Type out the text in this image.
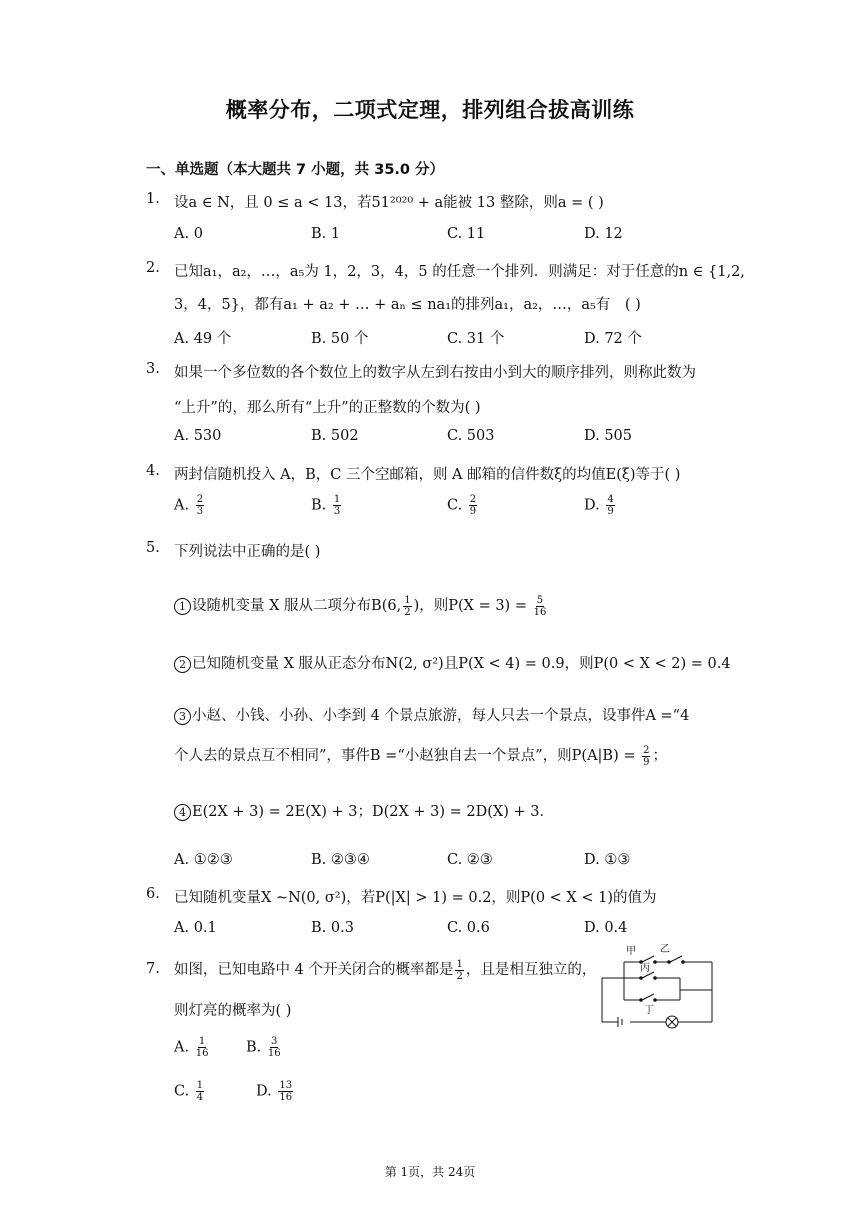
概率分布，二项式定理，排列组合拔高训练
一、单选题（本大题共 7 小题，共 35.0 分）
1. 设a ∈ N，且 0 ≤ a < 13，若51²⁰²⁰ + a能被 13 整除，则a = ( )
A. 0	B. 1	C. 11	D. 12
2. 已知a₁，a₂，…，a₅为 1，2，3，4，5 的任意一个排列．则满足：对于任意的n ∈ {1,2,
3，4，5}，都有a₁ + a₂ + … + aₙ ≤ na₁的排列a₁，a₂，…，a₅有　( )
A. 49 个	B. 50 个	C. 31 个	D. 72 个
3. 如果一个多位数的各个数位上的数字从左到右按由小到大的顺序排列，则称此数为
“上升”的，那么所有“上升”的正整数的个数为( )
A. 530	B. 502	C. 503	D. 505
4. 两封信随机投入 A，B，C 三个空邮箱，则 A 邮箱的信件数ξ的均值E(ξ)等于( )
A. $\frac{2}{3}$	B. $\frac{1}{3}$	C. $\frac{2}{9}$	D. $\frac{4}{9}$
5. 下列说法中正确的是( )
1 设随机变量 X 服从二项分布B(6, $\frac{1}{2}$ )，则$P(X = 3) = \frac{5}{16}$
2 已知随机变量 X 服从正态分布N(2, σ²)且P(X < 4) = 0.9，则P(0 < X < 2) = 0.4
3 小赵、小钱、小孙、小李到 4 个景点旅游，每人只去一个景点，设事件A =“4
个人去的景点互不相同”，事件B =“小赵独自去一个景点”，则$P(A|B) = \frac{2}{9}$ ；
4 E(2X + 3) = 2E(X) + 3；D(2X + 3) = 2D(X) + 3．
A. ①②③	B. ②③④	C. ②③	D. ①③
6. 已知随机变量X ~N(0, σ²)，若P(|X| > 1) = 0.2，则P(0 < X < 1)的值为
A. 0.1	B. 0.3	C. 0.6	D. 0.4
7. 如图，已知电路中 4 个开关闭合的概率都是 $\frac{1}{2}$ ，且是相互独立的，
则灯亮的概率为( )
A. $\frac{1}{16}$	B. $\frac{3}{16}$
C. $\frac{1}{4}$	D. $\frac{13}{16}$
甲 乙
丙
丁
第 1页，共 24页
